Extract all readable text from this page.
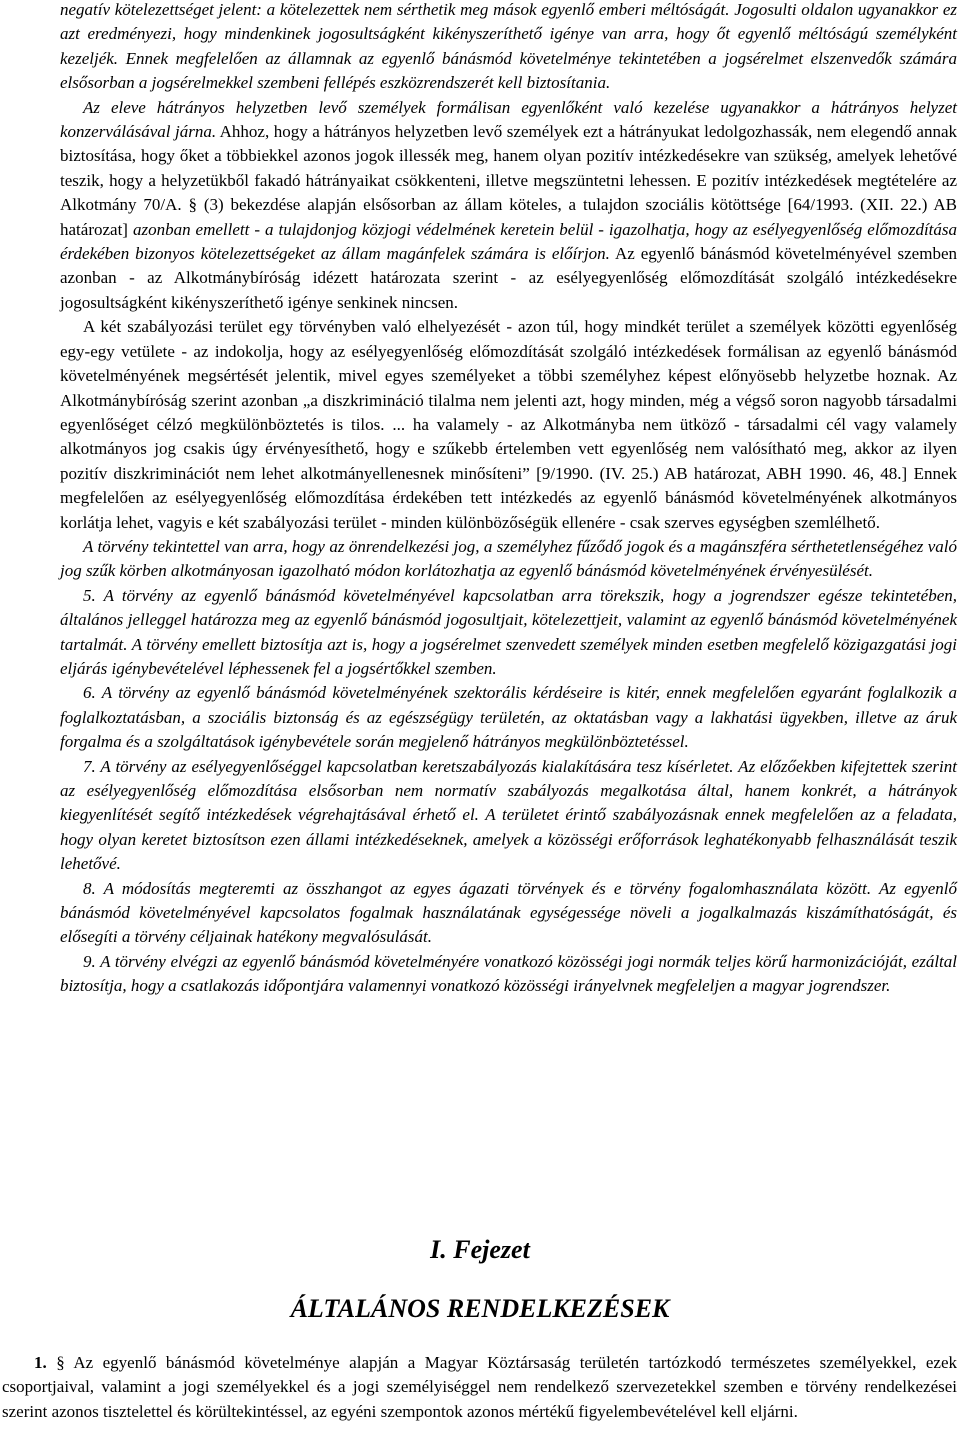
negatív kötelezettséget jelent: a kötelezettek nem sérthetik meg mások egyenlő emberi méltóságát. Jogosulti oldalon ugyanakkor ez azt eredményezi, hogy mindenkinek jogosultságként kikényszeríthető igénye van arra, hogy őt egyenlő méltóságú személyként kezeljék. Ennek megfelelően az államnak az egyenlő bánásmód követelménye tekintetében a jogsérelmet elszenvedők számára elsősorban a jogsérelmekkel szembeni fellépés eszközrendszerét kell biztosítania.

Az eleve hátrányos helyzetben levő személyek formálisan egyenlőként való kezelése ugyanakkor a hátrányos helyzet konzerválásával járna. Ahhoz, hogy a hátrányos helyzetben levő személyek ezt a hátrányukat ledolgozhassák, nem elegendő annak biztosítása, hogy őket a többiekkel azonos jogok illessék meg, hanem olyan pozitív intézkedésekre van szükség, amelyek lehetővé teszik, hogy a helyzetükből fakadó hátrányaikat csökkenteni, illetve megszüntetni lehessen. E pozitív intézkedések megtételére az Alkotmány 70/A. § (3) bekezdése alapján elsősorban az állam köteles, a tulajdon szociális kötöttsége [64/1993. (XII. 22.) AB határozat] azonban emellett - a tulajdonjog közjogi védelmének keretein belül - igazolhatja, hogy az esélyegyenlőség előmozdítása érdekében bizonyos kötelezettségeket az állam magánfelek számára is előírjon. Az egyenlő bánásmód követelményével szemben azonban - az Alkotmánybíróság idézett határozata szerint - az esélyegyenlőség előmozdítását szolgáló intézkedésekre jogosultságként kikényszeríthető igénye senkinek nincsen.

A két szabályozási terület egy törvényben való elhelyezését - azon túl, hogy mindkét terület a személyek közötti egyenlőség egy-egy vetülete - az indokolja, hogy az esélyegyenlőség előmozdítását szolgáló intézkedések formálisan az egyenlő bánásmód követelményének megsértését jelentik, mivel egyes személyeket a többi személyhez képest előnyösebb helyzetbe hoznak. Az Alkotmánybíróság szerint azonban „a diszkrimináció tilalma nem jelenti azt, hogy minden, még a végső soron nagyobb társadalmi egyenlőséget célzó megkülönböztetés is tilos. ... ha valamely - az Alkotmányba nem ütköző - társadalmi cél vagy valamely alkotmányos jog csakis úgy érvényesíthető, hogy e szűkebb értelemben vett egyenlőség nem valósítható meg, akkor az ilyen pozitív diszkriminációt nem lehet alkotmányellenesnek minősíteni” [9/1990. (IV. 25.) AB határozat, ABH 1990. 46, 48.] Ennek megfelelően az esélyegyenlőség előmozdítása érdekében tett intézkedés az egyenlő bánásmód követelményének alkotmányos korlátja lehet, vagyis e két szabályozási terület - minden különbözőségük ellenére - csak szerves egységben szemlélhető.

A törvény tekintettel van arra, hogy az önrendelkezési jog, a személyhez fűződő jogok és a magánszféra sérthetetlenségéhez való jog szűk körben alkotmányosan igazolható módon korlátozhatja az egyenlő bánásmód követelményének érvényesülését.

5. A törvény az egyenlő bánásmód követelményével kapcsolatban arra törekszik, hogy a jogrendszer egésze tekintetében, általános jelleggel határozza meg az egyenlő bánásmód jogosultjait, kötelezettjeit, valamint az egyenlő bánásmód követelményének tartalmát. A törvény emellett biztosítja azt is, hogy a jogsérelmet szenvedett személyek minden esetben megfelelő közigazgatási jogi eljárás igénybevételével léphessenek fel a jogsértőkkel szemben.

6. A törvény az egyenlő bánásmód követelményének szektorális kérdéseire is kitér, ennek megfelelően egyaránt foglalkozik a foglalkoztatásban, a szociális biztonság és az egészségügy területén, az oktatásban vagy a lakhatási ügyekben, illetve az áruk forgalma és a szolgáltatások igénybevétele során megjelenő hátrányos megkülönböztetéssel.

7. A törvény az esélyegyenlőséggel kapcsolatban keretszabályozás kialakítására tesz kísérletet. Az előzőekben kifejtettek szerint az esélyegyenlőség előmozdítása elsősorban nem normatív szabályozás megalkotása által, hanem konkrét, a hátrányok kiegyenlítését segítő intézkedések végrehajtásával érhető el. A területet érintő szabályozásnak ennek megfelelően az a feladata, hogy olyan keretet biztosítson ezen állami intézkedéseknek, amelyek a közösségi erőforrások leghatékonyabb felhasználását teszik lehetővé.

8. A módosítás megteremti az összhangot az egyes ágazati törvények és e törvény fogalomhasználata között. Az egyenlő bánásmód követelményével kapcsolatos fogalmak használatának egységessége növeli a jogalkalmazás kiszámíthatóságát, és elősegíti a törvény céljainak hatékony megvalósulását.

9. A törvény elvégzi az egyenlő bánásmód követelményére vonatkozó közösségi jogi normák teljes körű harmonizációját, ezáltal biztosítja, hogy a csatlakozás időpontjára valamennyi vonatkozó közösségi irányelvnek megfeleljen a magyar jogrendszer.

I. Fejezet
ÁLTALÁNOS RENDELKEZÉSEK

1. § Az egyenlő bánásmód követelménye alapján a Magyar Köztársaság területén tartózkodó természetes személyekkel, ezek csoportjaival, valamint a jogi személyekkel és a jogi személyiséggel nem rendelkező szervezetekkel szemben e törvény rendelkezései szerint azonos tisztelettel és körültekintéssel, az egyéni szempontok azonos mértékű figyelembevételével kell eljárni.
